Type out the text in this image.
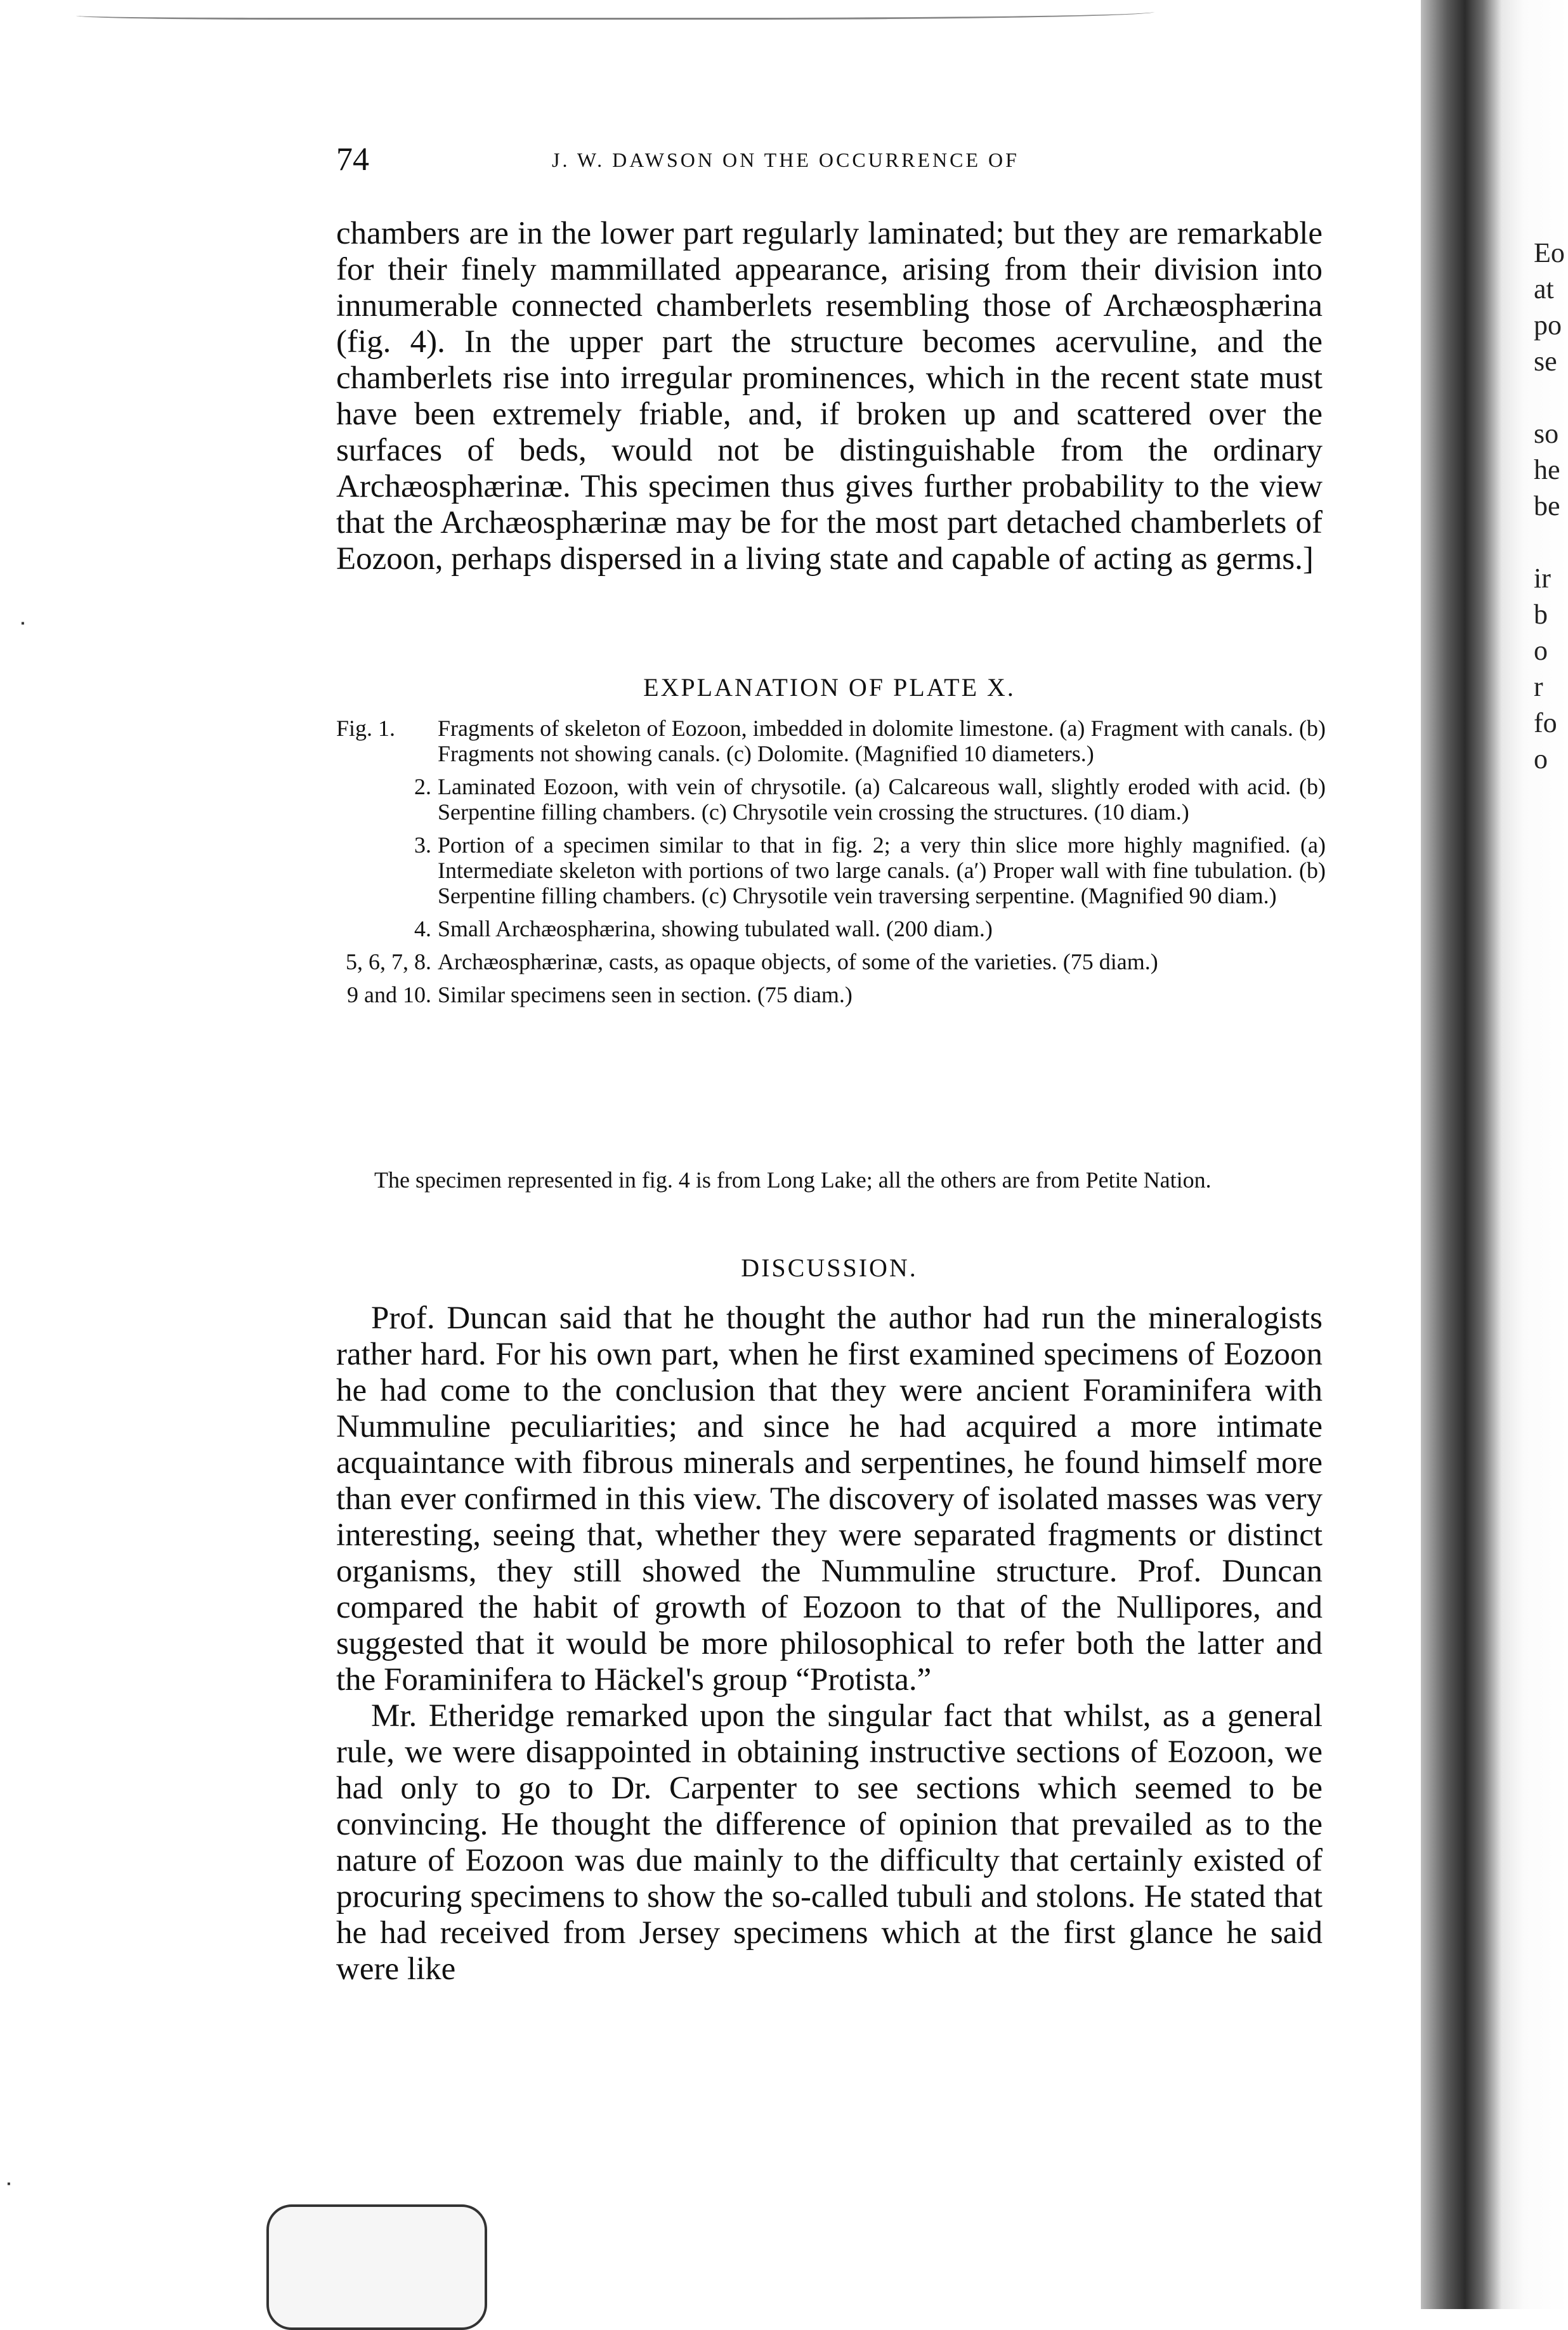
ᐧ
ᐧ
74	J. W. DAWSON ON THE OCCURRENCE OF

chambers are in the lower part regularly laminated; but they are remarkable for their finely mammillated appearance, arising from their division into innumerable connected chamberlets resembling those of Archæosphærina (fig. 4). In the upper part the structure becomes acervuline, and the chamberlets rise into irregular prominences, which in the recent state must have been extremely friable, and, if broken up and scattered over the surfaces of beds, would not be distinguishable from the ordinary Archæosphærinæ. This specimen thus gives further probability to the view that the Archæosphærinæ may be for the most part detached chamberlets of Eozoon, perhaps dispersed in a living state and capable of acting as germs.]

EXPLANATION OF PLATE X.
Fig. 1.	Fragments of skeleton of Eozoon, imbedded in dolomite limestone. (a) Fragment with canals. (b) Fragments not showing canals. (c) Dolomite. (Magnified 10 diameters.)
2. Laminated Eozoon, with vein of chrysotile. (a) Calcareous wall, slightly eroded with acid. (b) Serpentine filling chambers. (c) Chrysotile vein crossing the structures. (10 diam.)
3. Portion of a specimen similar to that in fig. 2; a very thin slice more highly magnified. (a) Intermediate skeleton with portions of two large canals. (a′) Proper wall with fine tubulation. (b) Serpentine filling chambers. (c) Chrysotile vein traversing serpentine. (Magnified 90 diam.)
4. Small Archæosphærina, showing tubulated wall. (200 diam.)
5, 6, 7, 8. Archæosphærinæ, casts, as opaque objects, of some of the varieties. (75 diam.)
9 and 10. Similar specimens seen in section. (75 diam.)
The specimen represented in fig. 4 is from Long Lake; all the others are from Petite Nation.
DISCUSSION.

Prof. Duncan said that he thought the author had run the mineralogists rather hard. For his own part, when he first examined specimens of Eozoon he had come to the conclusion that they were ancient Foraminifera with Nummuline peculiarities; and since he had acquired a more intimate acquaintance with fibrous minerals and serpentines, he found himself more than ever confirmed in this view. The discovery of isolated masses was very interesting, seeing that, whether they were separated fragments or distinct organisms, they still showed the Nummuline structure. Prof. Duncan compared the habit of growth of Eozoon to that of the Nullipores, and suggested that it would be more philosophical to refer both the latter and the Foraminifera to Häckel's group “Protista.”

Mr. Etheridge remarked upon the singular fact that whilst, as a general rule, we were disappointed in obtaining instructive sections of Eozoon, we had only to go to Dr. Carpenter to see sections which seemed to be convincing. He thought the difference of opinion that prevailed as to the nature of Eozoon was due mainly to the difficulty that certainly existed of procuring specimens to show the so-called tubuli and stolons. He stated that he had received from Jersey specimens which at the first glance he said were like

Eo
at
po
se

so
he
be

ir
b
o
r
fo
o
